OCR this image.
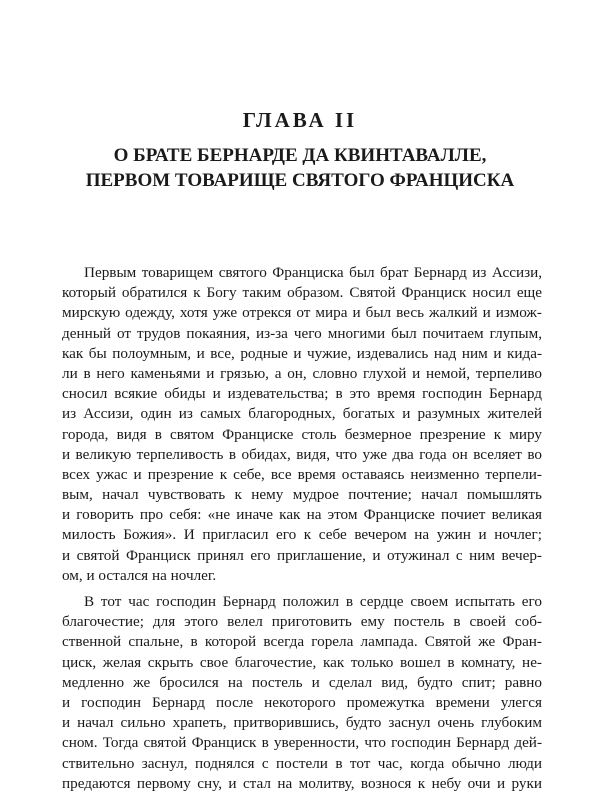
ГЛАВА II
О БРАТЕ БЕРНАРДЕ ДА КВИНТАВАЛЛЕ,
ПЕРВОМ ТОВАРИЩЕ СВЯТОГО ФРАНЦИСКА
Первым товарищем святого Франциска был брат Бернард из Ассизи,
который обратился к Богу таким образом. Святой Франциск носил еще
мирскую одежду, хотя уже отрекся от мира и был весь жалкий и измож-
денный от трудов покаяния, из-за чего многими был почитаем глупым,
как бы полоумным, и все, родные и чужие, издевались над ним и кида-
ли в него каменьями и грязью, а он, словно глухой и немой, терпеливо
сносил всякие обиды и издевательства; в это время господин Бернард
из Ассизи, один из самых благородных, богатых и разумных жителей
города, видя в святом Франциске столь безмерное презрение к миру
и великую терпеливость в обидах, видя, что уже два года он вселяет во
всех ужас и презрение к себе, все время оставаясь неизменно терпели-
вым, начал чувствовать к нему мудрое почтение; начал помышлять
и говорить про себя: «не иначе как на этом Франциске почиет великая
милость Божия». И пригласил его к себе вечером на ужин и ночлег;
и святой Франциск принял его приглашение, и отужинал с ним вечер-
ом, и остался на ночлег.
В тот час господин Бернард положил в сердце своем испытать его
благочестие; для этого велел приготовить ему постель в своей соб-
ственной спальне, в которой всегда горела лампада. Святой же Фран-
циск, желая скрыть свое благочестие, как только вошел в комнату, не-
медленно же бросился на постель и сделал вид, будто спит; равно
и господин Бернард после некоторого промежутка времени улегся
и начал сильно храпеть, притворившись, будто заснул очень глубоким
сном. Тогда святой Франциск в уверенности, что господин Бернард дей-
ствительно заснул, поднялся с постели в тот час, когда обычно люди
предаются первому сну, и стал на молитву, вознося к небу очи и руки
